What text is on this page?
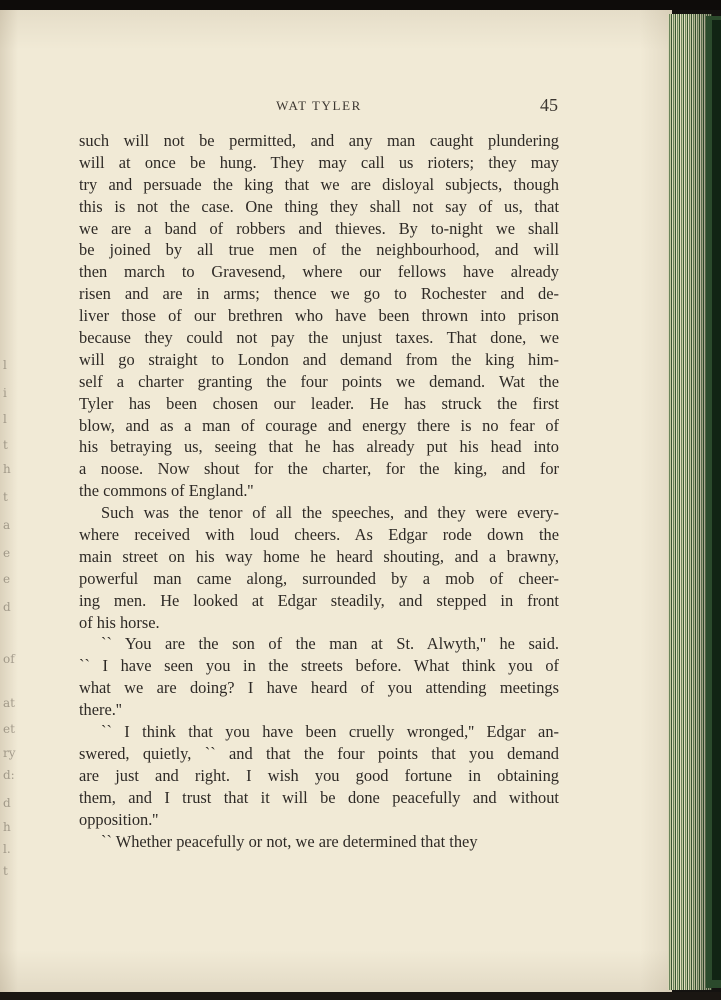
l
i
l
t
h
t
a
e
e
d
of
at
et
ry
d:
d
h
l.
t
WAT TYLER	45
such will not be permitted, and any man caught plundering
will at once be hung. They may call us rioters; they may
try and persuade the king that we are disloyal subjects, though
this is not the case. One thing they shall not say of us, that
we are a band of robbers and thieves. By to-night we shall
be joined by all true men of the neighbourhood, and will
then march to Gravesend, where our fellows have already
risen and are in arms; thence we go to Rochester and de-
liver those of our brethren who have been thrown into prison
because they could not pay the unjust taxes. That done, we
will go straight to London and demand from the king him-
self a charter granting the four points we demand. Wat the
Tyler has been chosen our leader. He has struck the first
blow, and as a man of courage and energy there is no fear of
his betraying us, seeing that he has already put his head into
a noose. Now shout for the charter, for the king, and for
the commons of England.''
Such was the tenor of all the speeches, and they were every-
where received with loud cheers. As Edgar rode down the
main street on his way home he heard shouting, and a brawny,
powerful man came along, surrounded by a mob of cheer-
ing men. He looked at Edgar steadily, and stepped in front
of his horse.
`` You are the son of the man at St. Alwyth,'' he said.
`` I have seen you in the streets before. What think you of
what we are doing? I have heard of you attending meetings
there.''
`` I think that you have been cruelly wronged,'' Edgar an-
swered, quietly, `` and that the four points that you demand
are just and right. I wish you good fortune in obtaining
them, and I trust that it will be done peacefully and without
opposition.''
`` Whether peacefully or not, we are determined that they
